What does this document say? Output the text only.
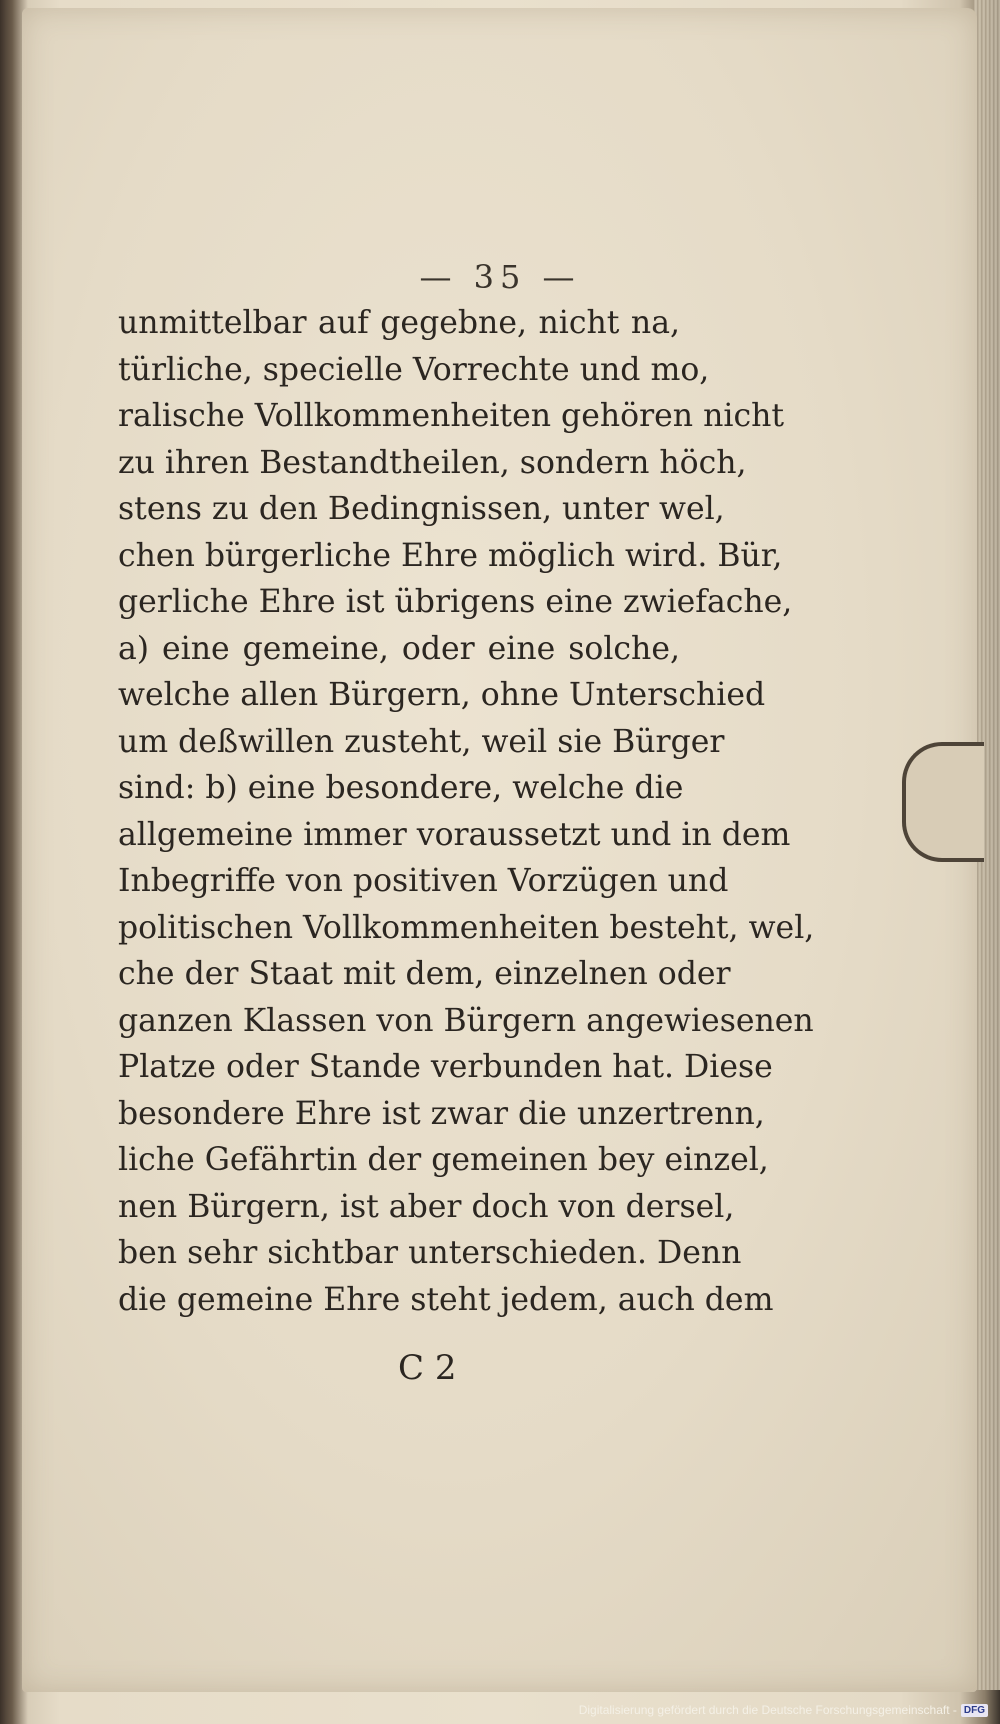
— 35 —
unmittelbar auf gegebne, nicht na,
türliche, specielle Vorrechte und mo,
ralische Vollkommenheiten gehören nicht
zu ihren Bestandtheilen, sondern höch,
stens zu den Bedingnissen, unter wel,
chen bürgerliche Ehre möglich wird. Bür,
gerliche Ehre ist übrigens eine zwiefache,
a) eine gemeine, oder eine solche,
welche allen Bürgern, ohne Unterschied
um deßwillen zusteht, weil sie Bürger
sind: b) eine besondere, welche die
allgemeine immer voraussetzt und in dem
Inbegriffe von positiven Vorzügen und
politischen Vollkommenheiten besteht, wel,
che der Staat mit dem, einzelnen oder
ganzen Klassen von Bürgern angewiesenen
Platze oder Stande verbunden hat. Diese
besondere Ehre ist zwar die unzertrenn,
liche Gefährtin der gemeinen bey einzel,
nen Bürgern, ist aber doch von dersel,
ben sehr sichtbar unterschieden. Denn
die gemeine Ehre steht jedem, auch dem
C 2
Digitalisierung gefördert durch die Deutsche Forschungsgemeinschaft - DFG
